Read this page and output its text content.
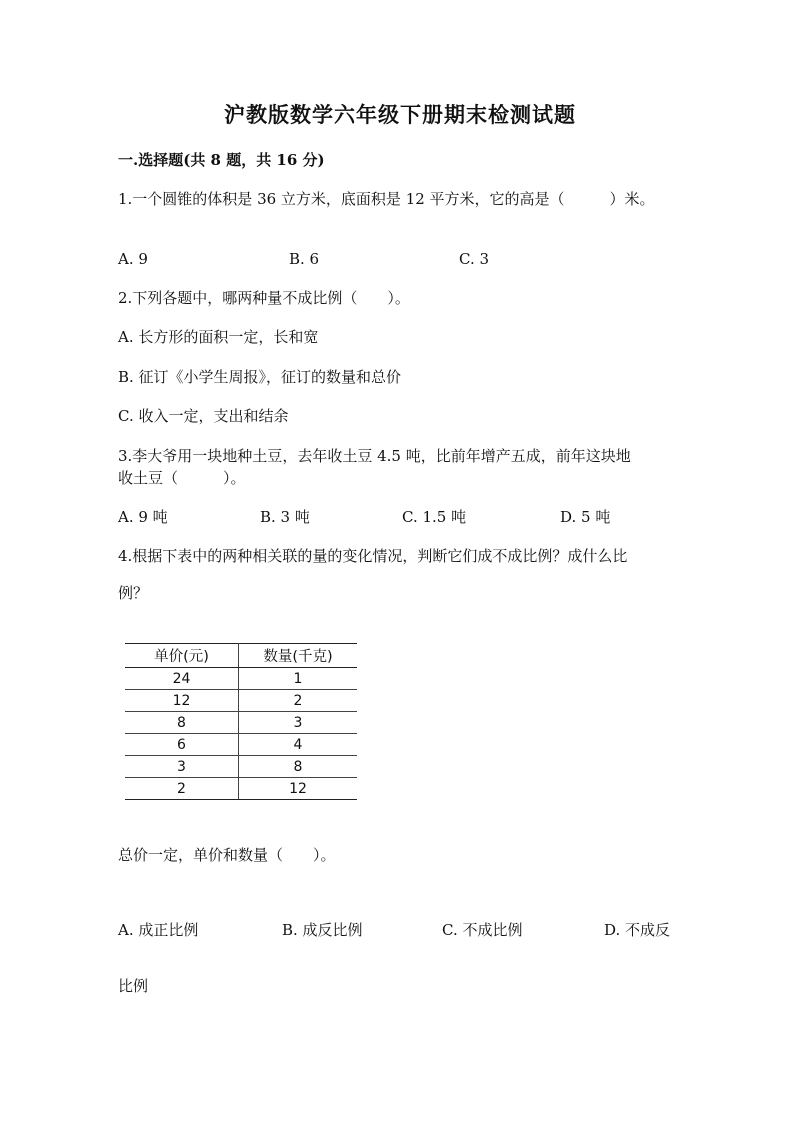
沪教版数学六年级下册期末检测试题
一.选择题(共 8 题，共 16 分)
1.一个圆锥的体积是 36 立方米，底面积是 12 平方米，它的高是（　　　）米。
A. 9	B. 6	C. 3
2.下列各题中，哪两种量不成比例（　　）。
A. 长方形的面积一定，长和宽
B. 征订《小学生周报》，征订的数量和总价
C. 收入一定，支出和结余
3.李大爷用一块地种土豆，去年收土豆 4.5 吨，比前年增产五成，前年这块地
收土豆（　　　）。
A. 9 吨	B. 3 吨	C. 1.5 吨	D. 5 吨
4.根据下表中的两种相关联的量的变化情况，判断它们成不成比例？成什么比
例？
单价(元)	数量(千克)
24	1
12	2
8	3
6	4
3	8
2	12
总价一定，单价和数量（　　）。
A. 成正比例	B. 成反比例	C. 不成比例	D. 不成反
比例
